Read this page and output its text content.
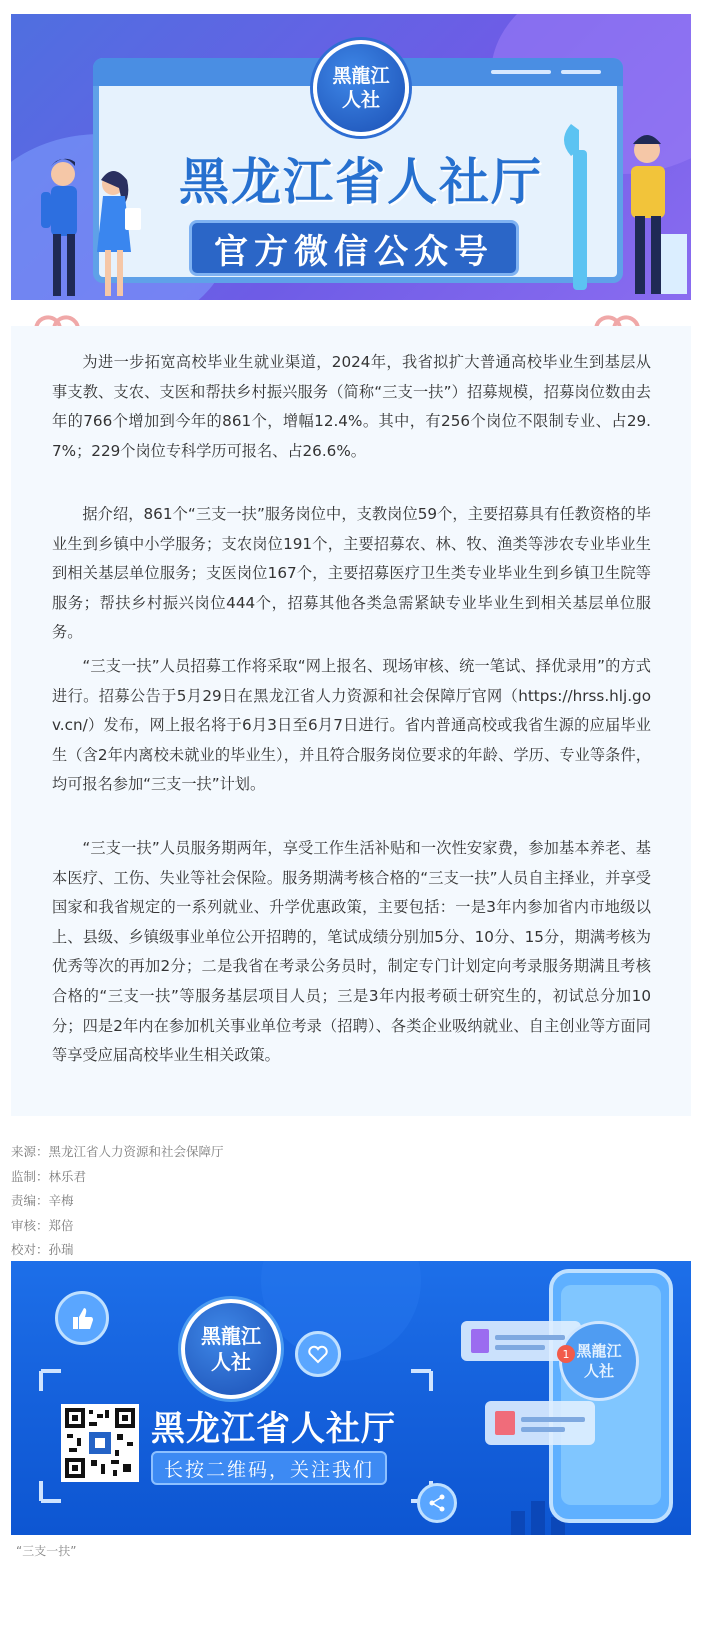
黑龍江
人社
黑龙江省人社厅
官方微信公众号

为进一步拓宽高校毕业生就业渠道，2024年，我省拟扩大普通高校毕业生到基层从事支教、支农、支医和帮扶乡村振兴服务（简称“三支一扶”）招募规模，招募岗位数由去年的766个增加到今年的861个，增幅12.4%。其中，有256个岗位不限制专业、占29.7%；229个岗位专科学历可报名、占26.6%。

据介绍，861个“三支一扶”服务岗位中，支教岗位59个，主要招募具有任教资格的毕业生到乡镇中小学服务；支农岗位191个，主要招募农、林、牧、渔类等涉农专业毕业生到相关基层单位服务；支医岗位167个，主要招募医疗卫生类专业毕业生到乡镇卫生院等服务；帮扶乡村振兴岗位444个，招募其他各类急需紧缺专业毕业生到相关基层单位服务。

“三支一扶”人员招募工作将采取“网上报名、现场审核、统一笔试、择优录用”的方式进行。招募公告于5月29日在黑龙江省人力资源和社会保障厅官网（https://hrss.hlj.gov.cn/）发布，网上报名将于6月3日至6月7日进行。省内普通高校或我省生源的应届毕业生（含2年内离校未就业的毕业生），并且符合服务岗位要求的年龄、学历、专业等条件，均可报名参加“三支一扶”计划。

“三支一扶”人员服务期两年，享受工作生活补贴和一次性安家费，参加基本养老、基本医疗、工伤、失业等社会保险。服务期满考核合格的“三支一扶”人员自主择业，并享受国家和我省规定的一系列就业、升学优惠政策，主要包括：一是3年内参加省内市地级以上、县级、乡镇级事业单位公开招聘的，笔试成绩分别加5分、10分、15分，期满考核为优秀等次的再加2分；二是我省在考录公务员时，制定专门计划定向考录服务期满且考核合格的“三支一扶”等服务基层项目人员；三是3年内报考硕士研究生的，初试总分加10分；四是2年内在参加机关事业单位考录（招聘）、各类企业吸纳就业、自主创业等方面同等享受应届高校毕业生相关政策。

来源：黑龙江省人力资源和社会保障厅
监制：林乐君
责编：辛梅
审核：郑倍
校对：孙瑞
黑龍江
人社
黑龙江省人社厅
长按二维码，关注我们
黑龍江
人社
1
“三支一扶”
